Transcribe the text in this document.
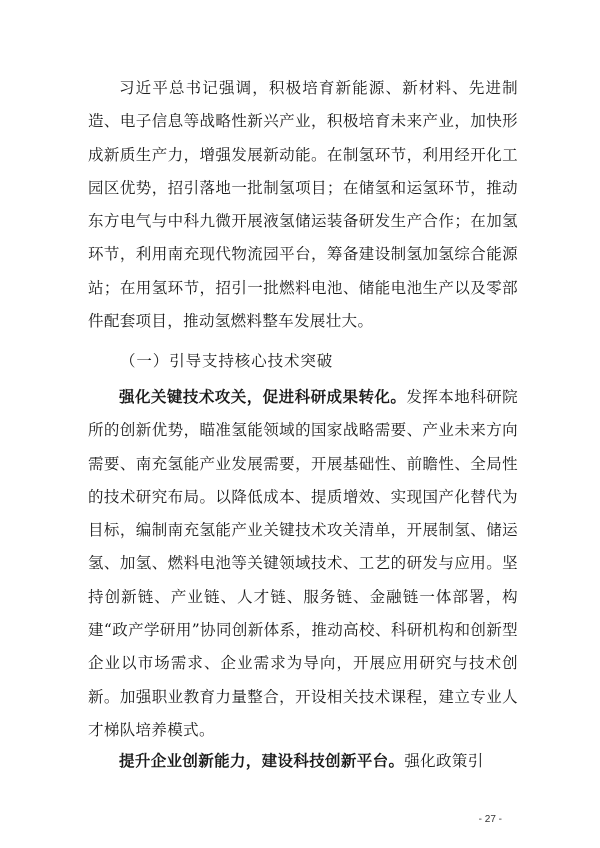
习近平总书记强调，积极培育新能源、新材料、先进制造、电子信息等战略性新兴产业，积极培育未来产业，加快形成新质生产力，增强发展新动能。在制氢环节，利用经开化工园区优势，招引落地一批制氢项目；在储氢和运氢环节，推动东方电气与中科九微开展液氢储运装备研发生产合作；在加氢环节，利用南充现代物流园平台，筹备建设制氢加氢综合能源站；在用氢环节，招引一批燃料电池、储能电池生产以及零部件配套项目，推动氢燃料整车发展壮大。

（一）引导支持核心技术突破

强化关键技术攻关，促进科研成果转化。发挥本地科研院所的创新优势，瞄准氢能领域的国家战略需要、产业未来方向需要、南充氢能产业发展需要，开展基础性、前瞻性、全局性的技术研究布局。以降低成本、提质增效、实现国产化替代为目标，编制南充氢能产业关键技术攻关清单，开展制氢、储运氢、加氢、燃料电池等关键领域技术、工艺的研发与应用。坚持创新链、产业链、人才链、服务链、金融链一体部署，构建“政产学研用”协同创新体系，推动高校、科研机构和创新型企业以市场需求、企业需求为导向，开展应用研究与技术创新。加强职业教育力量整合，开设相关技术课程，建立专业人才梯队培养模式。

提升企业创新能力，建设科技创新平台。强化政策引

- 27 -
